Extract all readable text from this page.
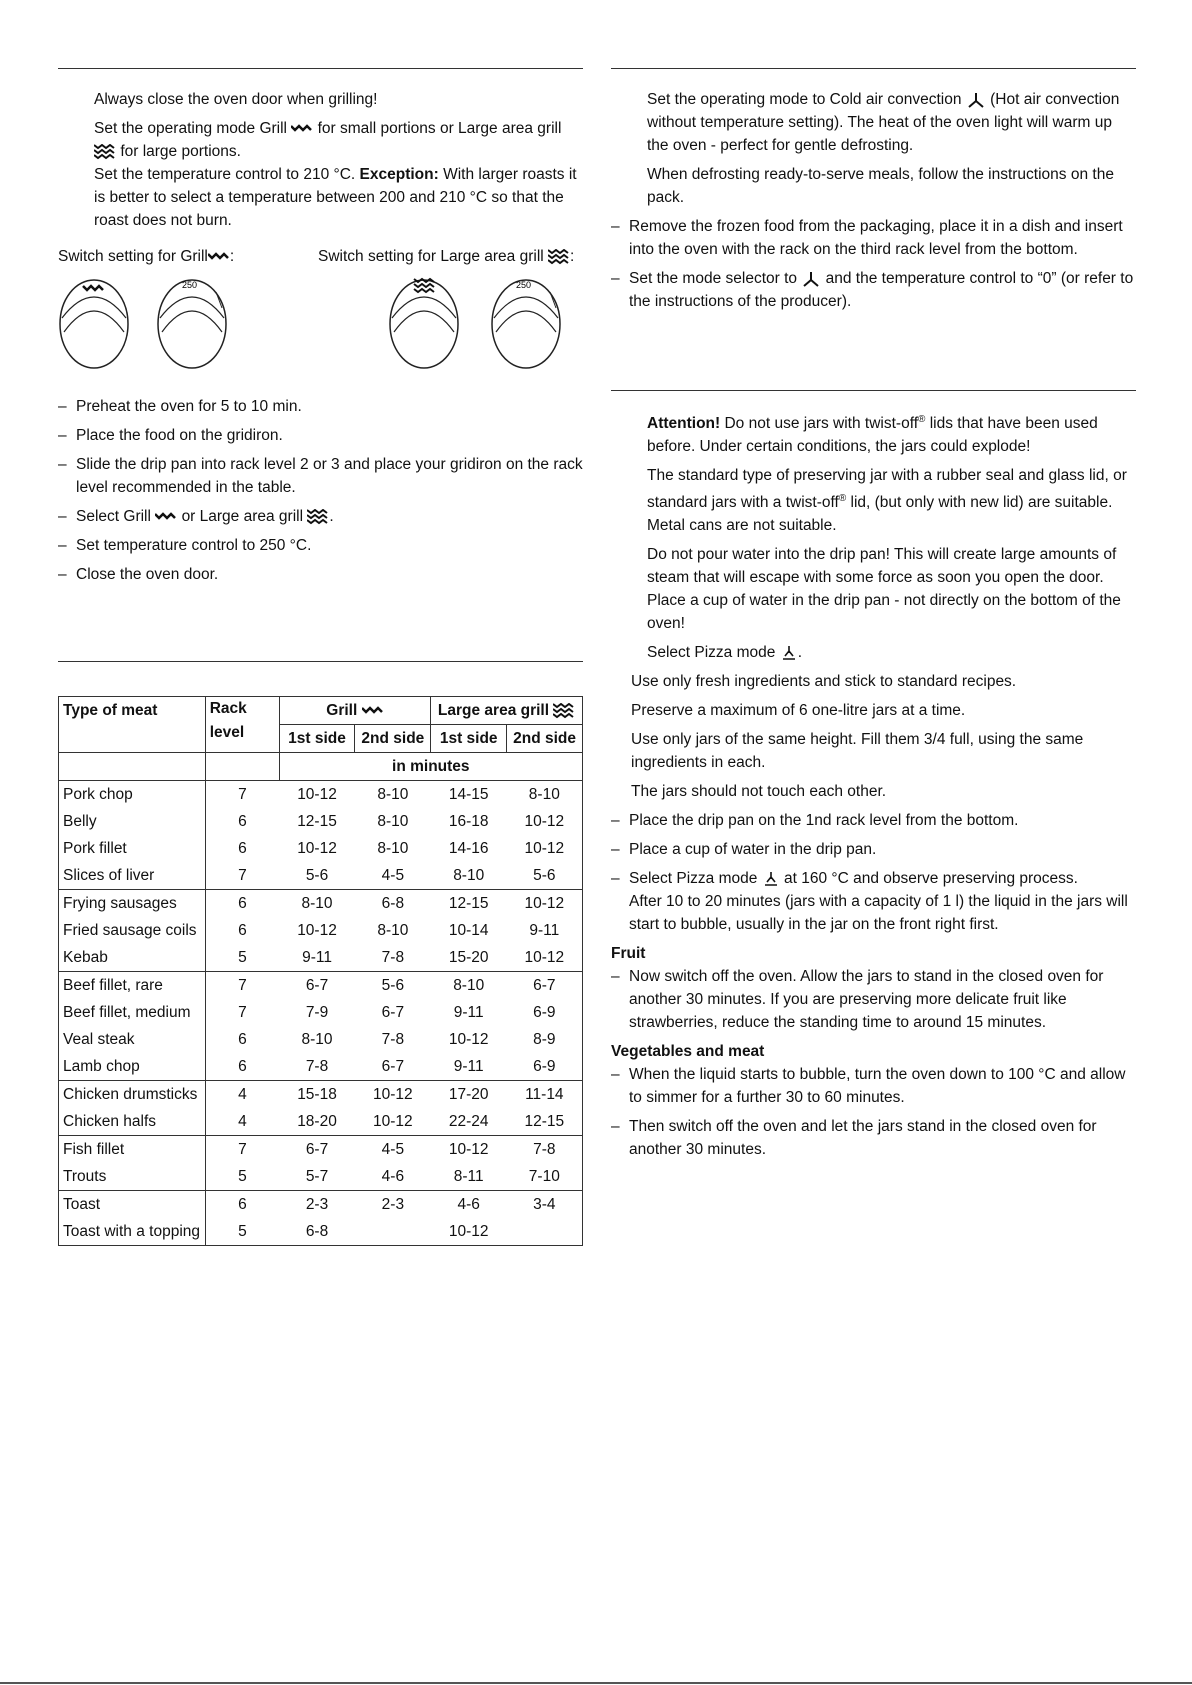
Always close the oven door when grilling!

Set the operating mode Grill for small portions or Large area grill  for large portions.

Set the temperature control to 210 °C. Exception: With larger roasts it is better to select a temperature between 200 and 210 °C so that the roast does not burn.

Switch setting for Grill :	Switch setting for Large area grill :

250	250

– Preheat the oven for 5 to 10 min.

– Place the food on the gridiron.

– Slide the drip pan into rack level 2 or 3 and place your gridiron on the rack level recommended in the table.

– Select Grill or Large area grill .

– Set temperature control to 250 °C.

– Close the oven door.

Type of meat	Rack level	Grill		Large area grill	
		1st side	2nd side	1st side	2nd side
		in minutes			
Pork chop	7	10-12	8-10	14-15	8-10
Belly	6	12-15	8-10	16-18	10-12
Pork fillet	6	10-12	8-10	14-16	10-12
Slices of liver	7	5-6	4-5	8-10	5-6
Frying sausages	6	8-10	6-8	12-15	10-12
Fried sausage coils	6	10-12	8-10	10-14	9-11
Kebab	5	9-11	7-8	15-20	10-12
Beef fillet, rare	7	6-7	5-6	8-10	6-7
Beef fillet, medium	7	7-9	6-7	9-11	6-9
Veal steak	6	8-10	7-8	10-12	8-9
Lamb chop	6	7-8	6-7	9-11	6-9
Chicken drumsticks	4	15-18	10-12	17-20	11-14
Chicken halfs	4	18-20	10-12	22-24	12-15
Fish fillet	7	6-7	4-5	10-12	7-8
Trouts	5	5-7	4-6	8-11	7-10
Toast	6	2-3	2-3	4-6	3-4
Toast with a topping	5	6-8		10-12	

Set the operating mode to Cold air convection (Hot air convection without temperature setting). The heat of the oven light will warm up the oven - perfect for gentle defrosting.

When defrosting ready-to-serve meals, follow the instructions on the pack.

– Remove the frozen food from the packaging, place it in a dish and insert into the oven with the rack on the third rack level from the bottom.

– Set the mode selector to and the temperature control to “0” (or refer to the instructions of the producer).

Attention! Do not use jars with twist-off® lids that have been used before. Under certain conditions, the jars could explode!

The standard type of preserving jar with a rubber seal and glass lid, or standard jars with a twist-off® lid, (but only with new lid) are suitable. Metal cans are not suitable.

Do not pour water into the drip pan! This will create large amounts of steam that will escape with some force as soon you open the door. Place a cup of water in the drip pan - not directly on the bottom of the oven!

Select Pizza mode .

Use only fresh ingredients and stick to standard recipes.

Preserve a maximum of 6 one-litre jars at a time.

Use only jars of the same height. Fill them 3/4 full, using the same ingredients in each.

The jars should not touch each other.

– Place the drip pan on the 1nd rack level from the bottom.

– Place a cup of water in the drip pan.

– Select Pizza mode at 160 °C and observe preserving process.
After 10 to 20 minutes (jars with a capacity of 1 l) the liquid in the jars will start to bubble, usually in the jar on the front right first.

Fruit

– Now switch off the oven. Allow the jars to stand in the closed oven for another 30 minutes. If you are preserving more delicate fruit like strawberries, reduce the standing time to around 15 minutes.

Vegetables and meat

– When the liquid starts to bubble, turn the oven down to 100 °C and allow to simmer for a further 30 to 60 minutes.

– Then switch off the oven and let the jars stand in the closed oven for another 30 minutes.
